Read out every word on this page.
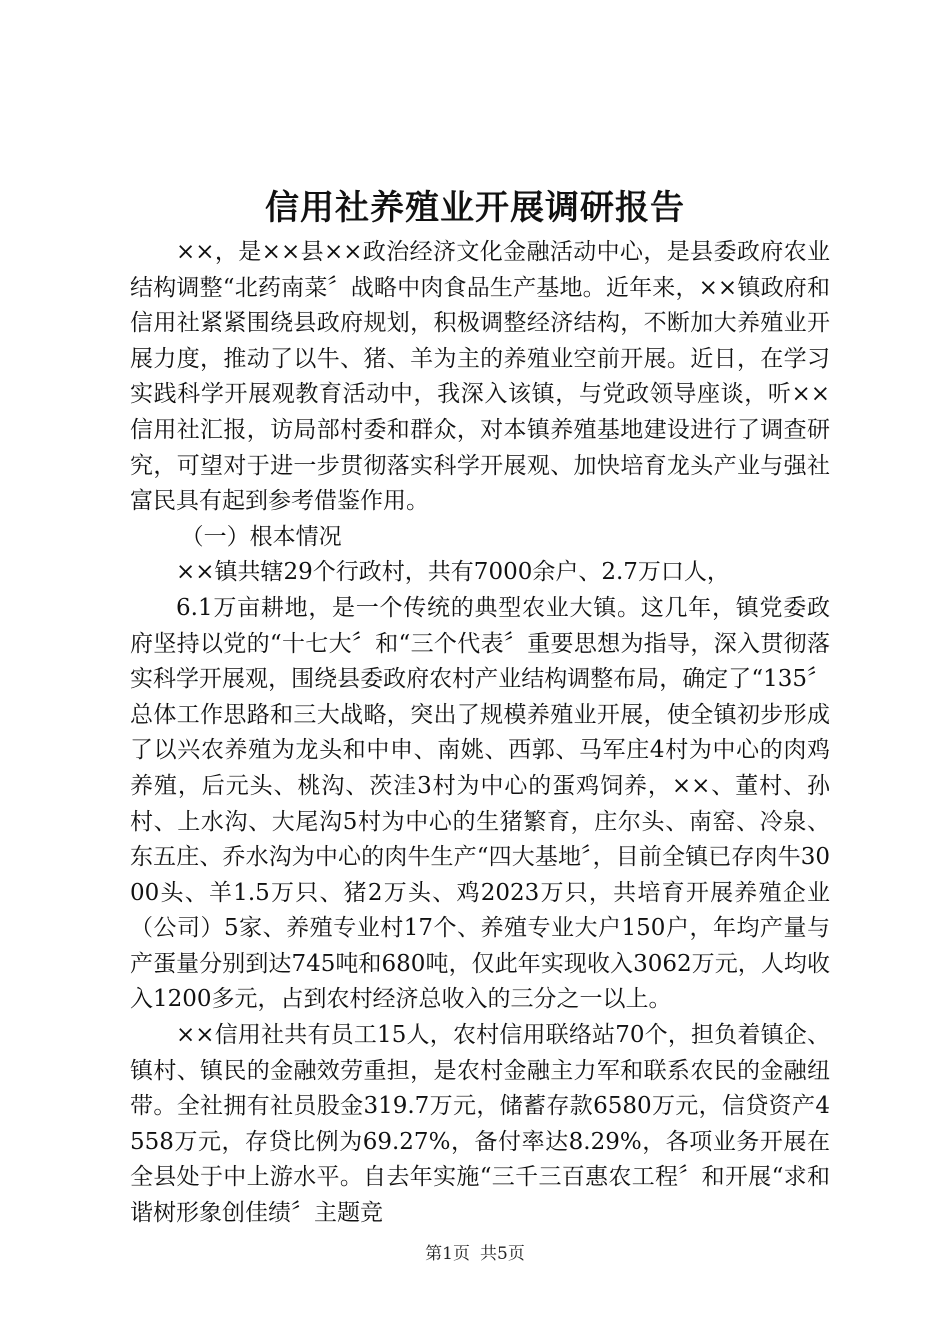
信用社养殖业开展调研报告

××，是××县××政治经济文化金融活动中心，是县委政府农业结构调整“北药南菜〞战略中肉食品生产基地。近年来，××镇政府和信用社紧紧围绕县政府规划，积极调整经济结构，不断加大养殖业开展力度，推动了以牛、猪、羊为主的养殖业空前开展。近日，在学习实践科学开展观教育活动中，我深入该镇，与党政领导座谈，听××信用社汇报，访局部村委和群众，对本镇养殖基地建设进行了调查研究，可望对于进一步贯彻落实科学开展观、加快培育龙头产业与强社富民具有起到参考借鉴作用。

（一）根本情况

××镇共辖29个行政村，共有7000余户、2.7万口人，

6.1万亩耕地，是一个传统的典型农业大镇。这几年，镇党委政府坚持以党的“十七大〞和“三个代表〞重要思想为指导，深入贯彻落实科学开展观，围绕县委政府农村产业结构调整布局，确定了“135〞总体工作思路和三大战略，突出了规模养殖业开展，使全镇初步形成了以兴农养殖为龙头和中申、南姚、西郭、马军庄4村为中心的肉鸡养殖，后元头、桃沟、茨洼3村为中心的蛋鸡饲养，××、董村、孙村、上水沟、大尾沟5村为中心的生猪繁育，庄尔头、南窑、冷泉、东五庄、乔水沟为中心的肉牛生产“四大基地〞，目前全镇已存肉牛3000头、羊1.5万只、猪2万头、鸡2023万只，共培育开展养殖企业（公司）5家、养殖专业村17个、养殖专业大户150户，年均产量与产蛋量分别到达745吨和680吨，仅此年实现收入3062万元，人均收入1200多元，占到农村经济总收入的三分之一以上。

××信用社共有员工15人，农村信用联络站70个，担负着镇企、镇村、镇民的金融效劳重担，是农村金融主力军和联系农民的金融纽带。全社拥有社员股金319.7万元，储蓄存款6580万元，信贷资产4558万元，存贷比例为69.27%，备付率达8.29%，各项业务开展在全县处于中上游水平。自去年实施“三千三百惠农工程〞和开展“求和谐树形象创佳绩〞主题竞

第1页 共5页
